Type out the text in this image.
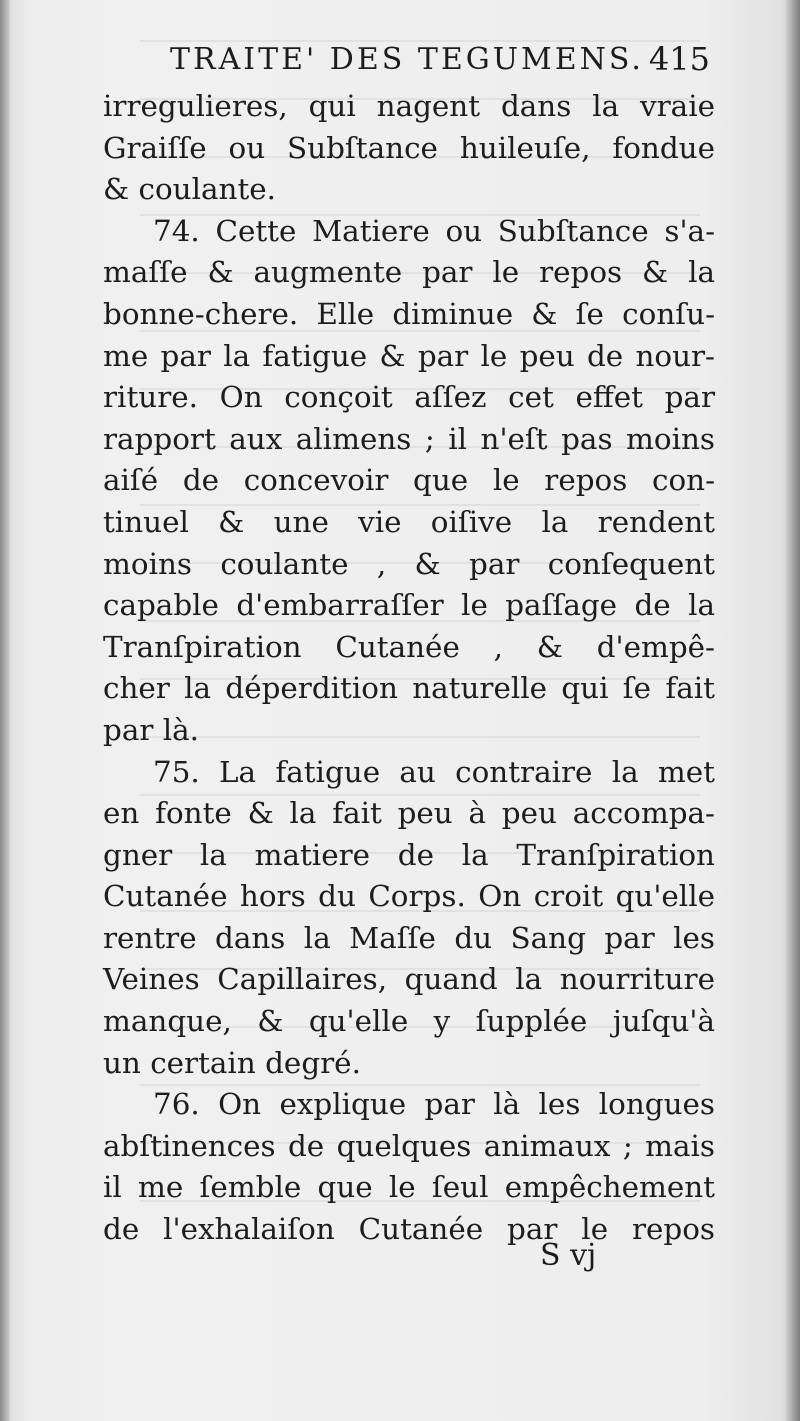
TRAITE' DES TEGUMENS. 415
irregulieres, qui nagent dans la vraie
Graiſſe ou Subſtance huileuſe, fondue
& coulante.
74. Cette Matiere ou Subſtance s'a-
maſſe & augmente par le repos & la
bonne-chere. Elle diminue & ſe conſu-
me par la fatigue & par le peu de nour-
riture. On conçoit aſſez cet effet par
rapport aux alimens ; il n'eſt pas moins
aiſé de concevoir que le repos con-
tinuel & une vie oiſive la rendent
moins coulante , & par conſequent
capable d'embarraſſer le paſſage de la
Tranſpiration Cutanée , & d'empê-
cher la déperdition naturelle qui ſe fait
par là.
75. La fatigue au contraire la met
en fonte & la fait peu à peu accompa-
gner la matiere de la Tranſpiration
Cutanée hors du Corps. On croit qu'elle
rentre dans la Maſſe du Sang par les
Veines Capillaires, quand la nourriture
manque, & qu'elle y ſupplée juſqu'à
un certain degré.
76. On explique par là les longues
abſtinences de quelques animaux ; mais
il me ſemble que le ſeul empêchement
de l'exhalaiſon Cutanée par le repos
S vj
